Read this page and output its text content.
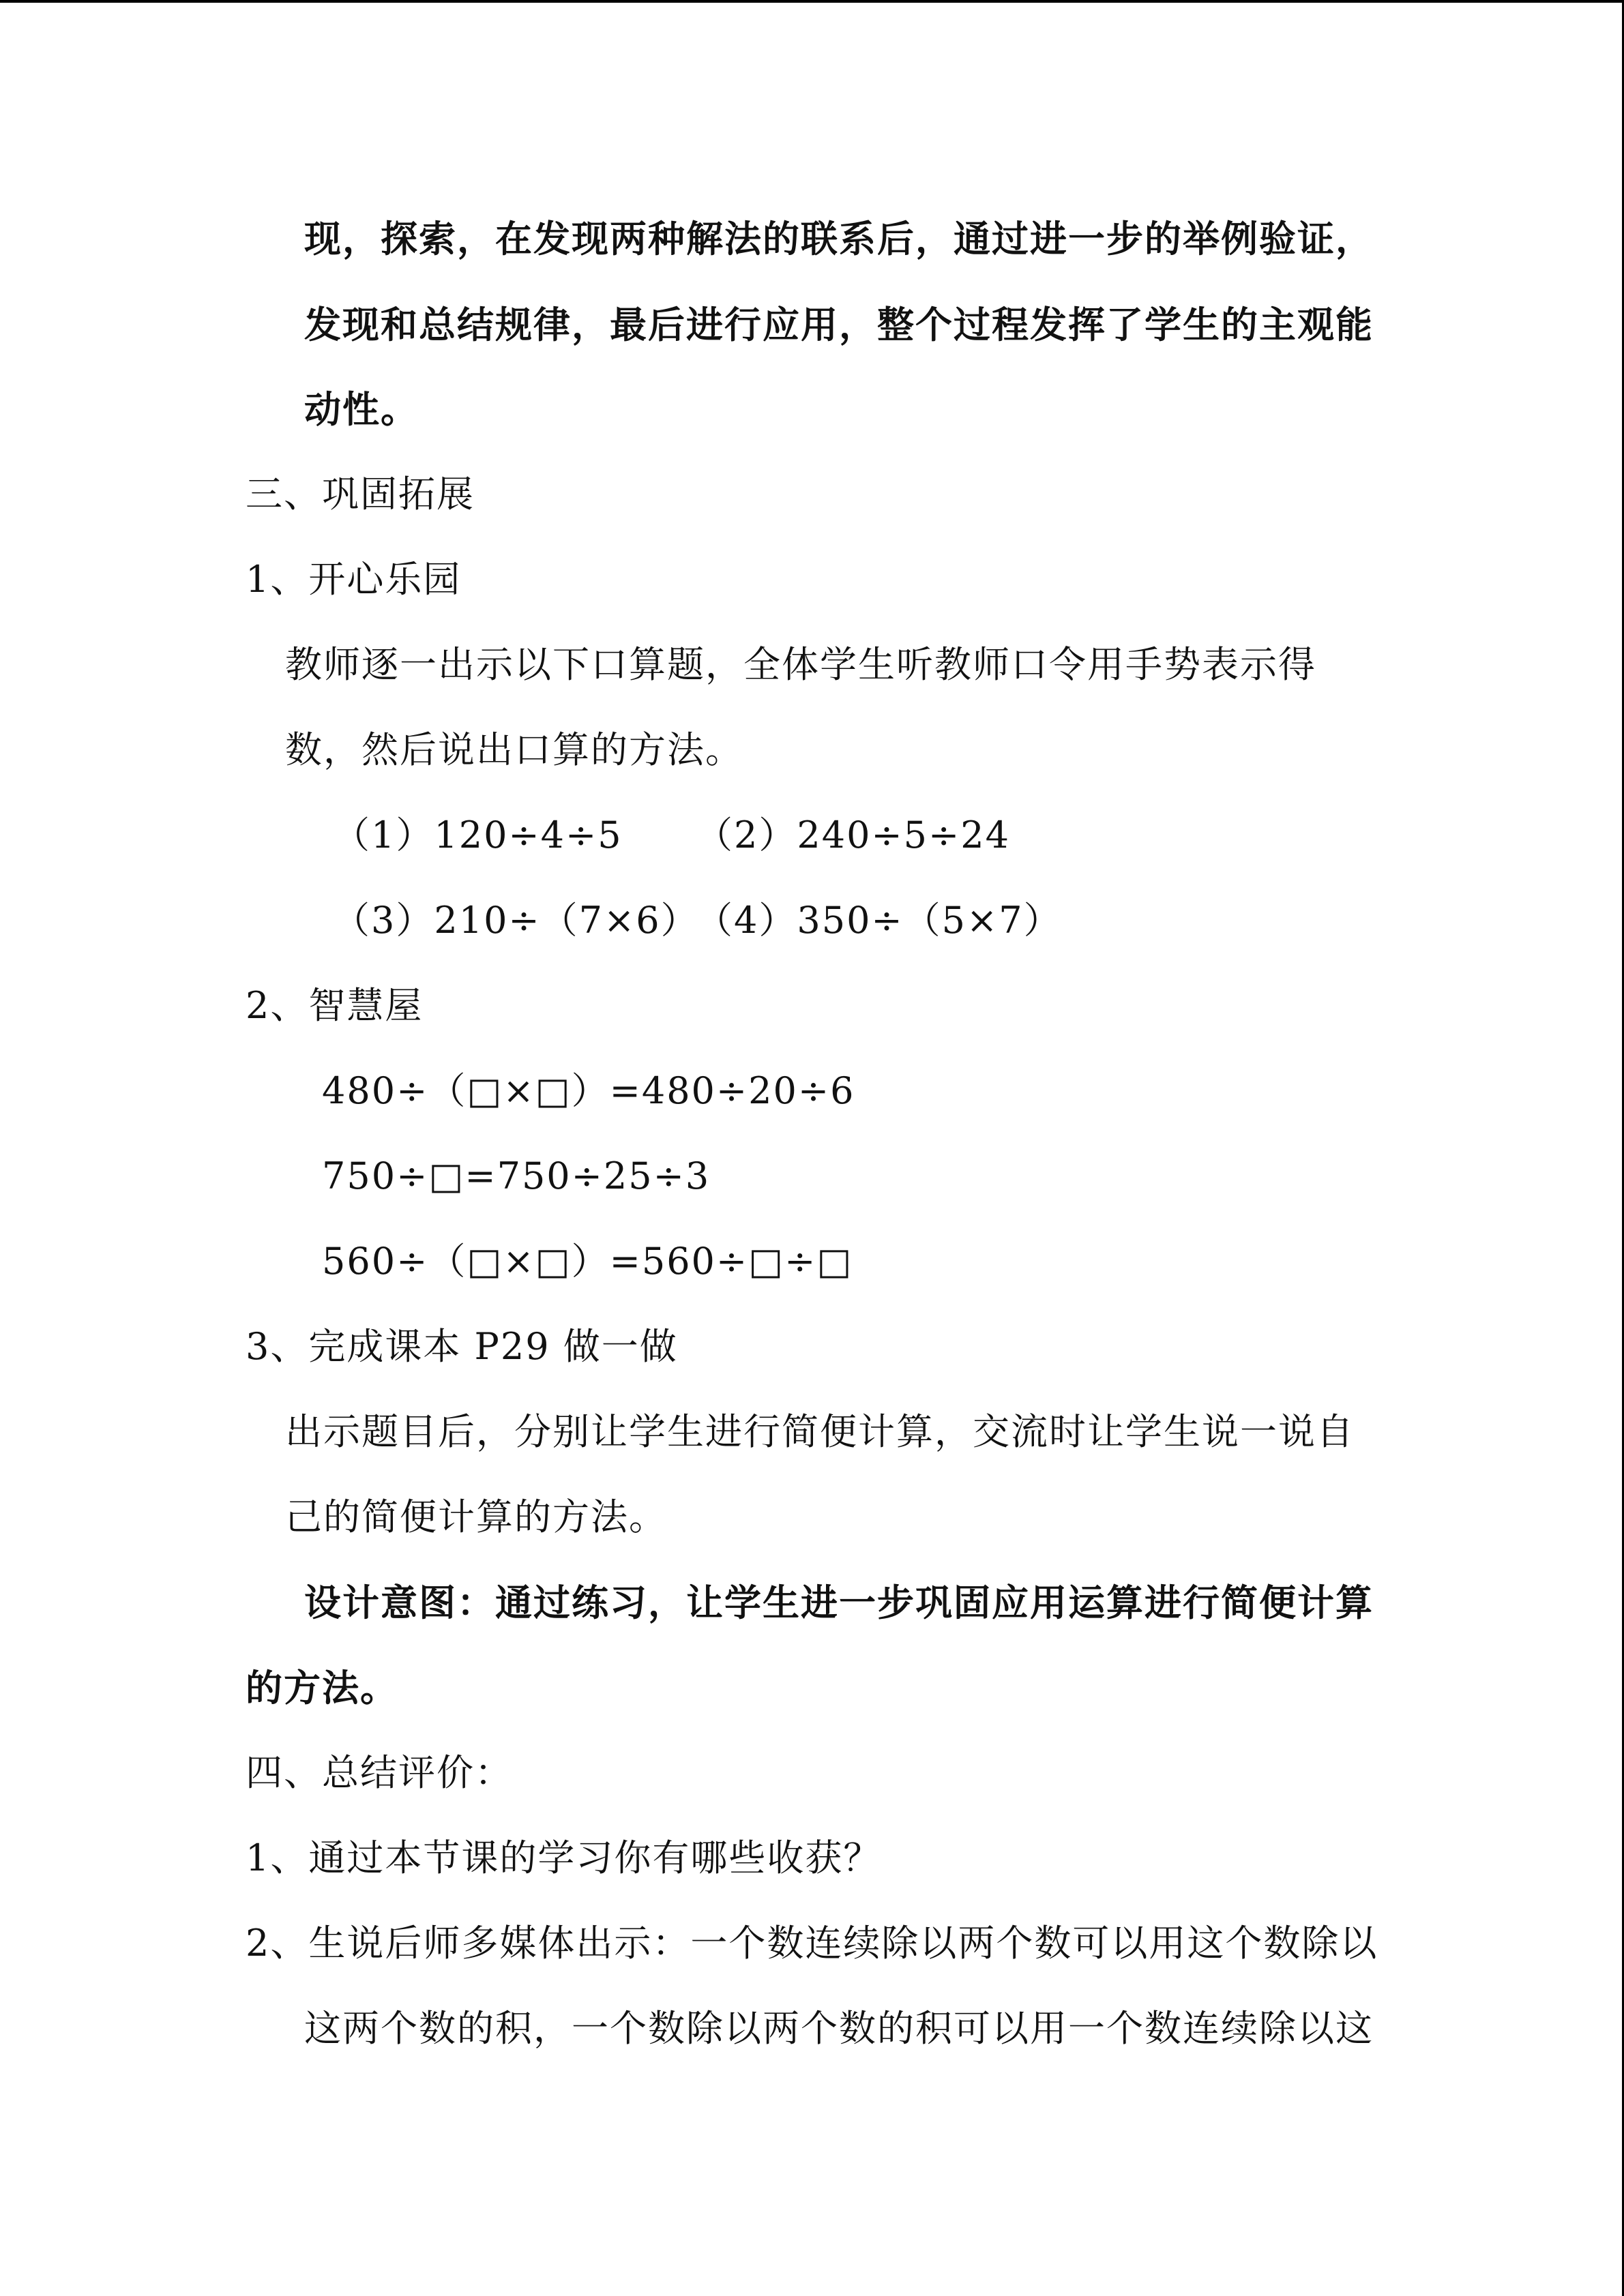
现，探索，在发现两种解法的联系后，通过进一步的举例验证，
发现和总结规律，最后进行应用，整个过程发挥了学生的主观能
动性。
三、巩固拓展
1、开心乐园
教师逐一出示以下口算题，全体学生听教师口令用手势表示得
数，然后说出口算的方法。
（1）120÷4÷5 （2）240÷5÷24
（3）210÷（7×6）
（4）350÷（5×7）
2、智慧屋
480÷（□×□）=480÷20÷6
750÷□=750÷25÷3
560÷（□×□）=560÷□÷□
3、完成课本 P29 做一做
出示题目后，分别让学生进行简便计算，交流时让学生说一说自
己的简便计算的方法。
设计意图：通过练习，让学生进一步巩固应用运算进行简便计算
的方法。
四、总结评价：
1、通过本节课的学习你有哪些收获？
2、生说后师多媒体出示：一个数连续除以两个数可以用这个数除以
这两个数的积，一个数除以两个数的积可以用一个数连续除以这
